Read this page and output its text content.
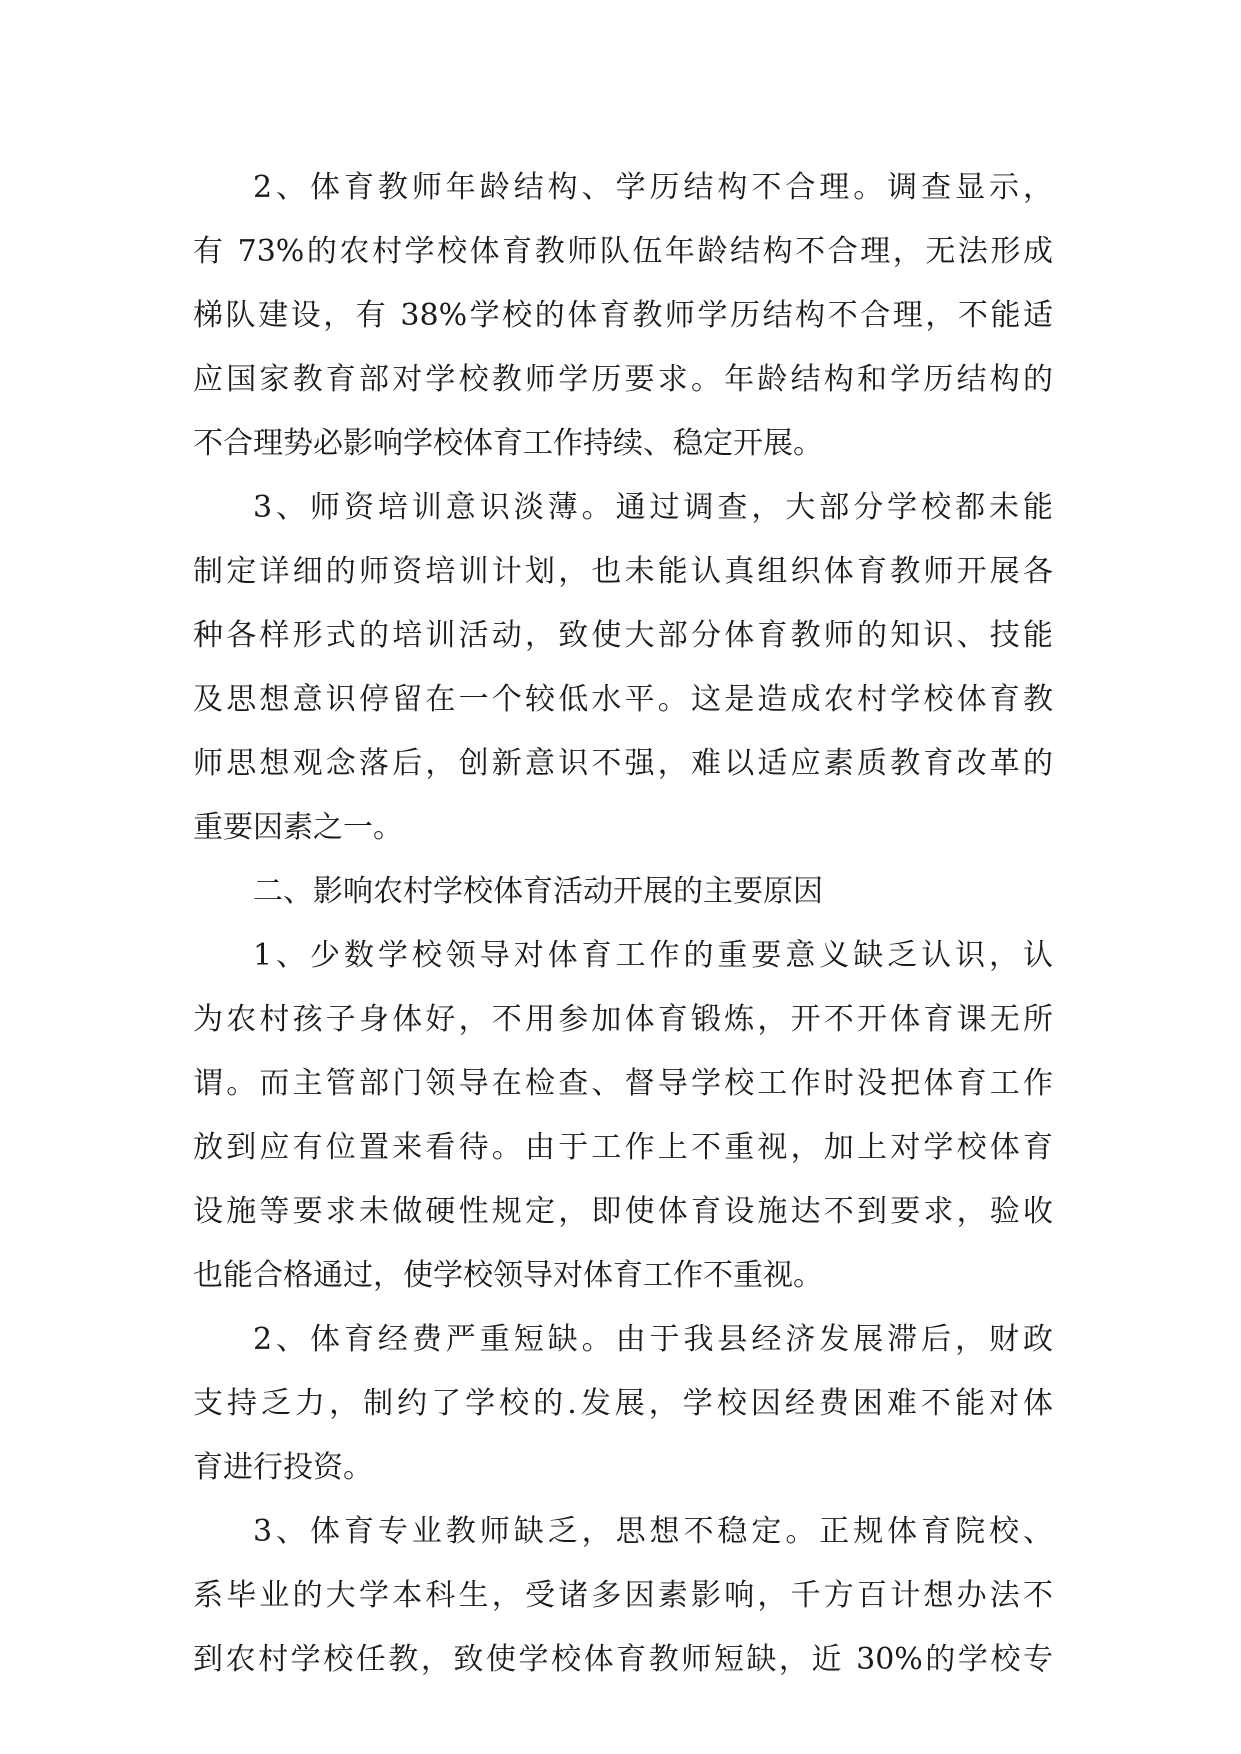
2、体育教师年龄结构、学历结构不合理。调查显示，
有 73%的农村学校体育教师队伍年龄结构不合理，无法形成
梯队建设，有 38%学校的体育教师学历结构不合理，不能适
应国家教育部对学校教师学历要求。年龄结构和学历结构的
不合理势必影响学校体育工作持续、稳定开展。
3、师资培训意识淡薄。通过调查，大部分学校都未能
制定详细的师资培训计划，也未能认真组织体育教师开展各
种各样形式的培训活动，致使大部分体育教师的知识、技能
及思想意识停留在一个较低水平。这是造成农村学校体育教
师思想观念落后，创新意识不强，难以适应素质教育改革的
重要因素之一。
二、影响农村学校体育活动开展的主要原因
1、少数学校领导对体育工作的重要意义缺乏认识，认
为农村孩子身体好，不用参加体育锻炼，开不开体育课无所
谓。而主管部门领导在检查、督导学校工作时没把体育工作
放到应有位置来看待。由于工作上不重视，加上对学校体育
设施等要求未做硬性规定，即使体育设施达不到要求，验收
也能合格通过，使学校领导对体育工作不重视。
2、体育经费严重短缺。由于我县经济发展滞后，财政
支持乏力，制约了学校的.发展，学校因经费困难不能对体
育进行投资。
3、体育专业教师缺乏，思想不稳定。正规体育院校、
系毕业的大学本科生，受诸多因素影响，千方百计想办法不
到农村学校任教，致使学校体育教师短缺，近 30%的学校专
